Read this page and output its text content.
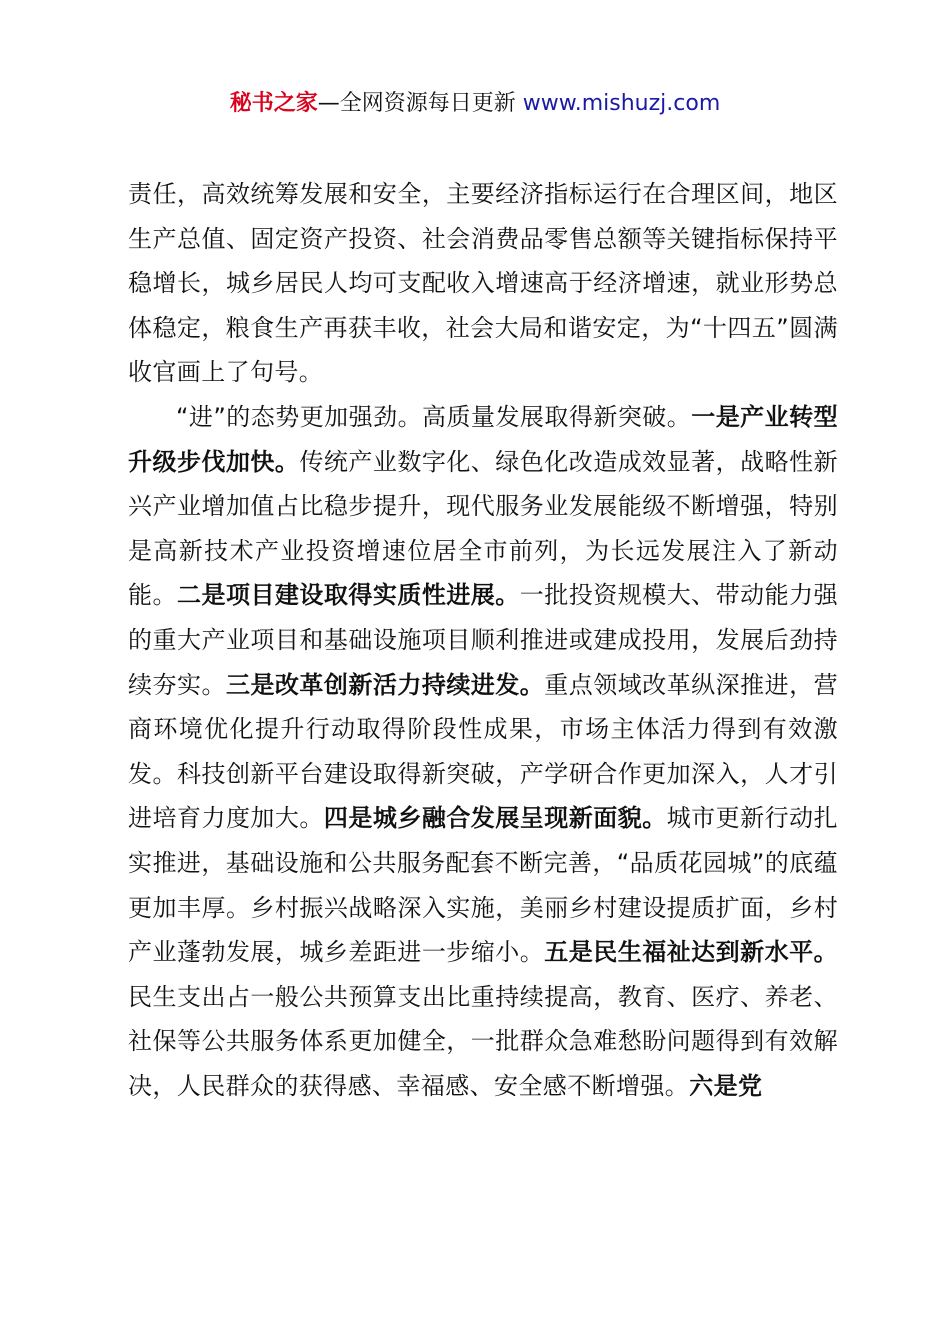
秘书之家—全网资源每日更新 www.mishuzj.com

责任，高效统筹发展和安全，主要经济指标运行在合理区间，地区生产总值、固定资产投资、社会消费品零售总额等关键指标保持平稳增长，城乡居民人均可支配收入增速高于经济增速，就业形势总体稳定，粮食生产再获丰收，社会大局和谐安定，为“十四五”圆满收官画上了句号。

“进”的态势更加强劲。高质量发展取得新突破。一是产业转型升级步伐加快。传统产业数字化、绿色化改造成效显著，战略性新兴产业增加值占比稳步提升，现代服务业发展能级不断增强，特别是高新技术产业投资增速位居全市前列，为长远发展注入了新动能。二是项目建设取得实质性进展。一批投资规模大、带动能力强的重大产业项目和基础设施项目顺利推进或建成投用，发展后劲持续夯实。三是改革创新活力持续进发。重点领域改革纵深推进，营商环境优化提升行动取得阶段性成果，市场主体活力得到有效激发。科技创新平台建设取得新突破，产学研合作更加深入，人才引进培育力度加大。四是城乡融合发展呈现新面貌。城市更新行动扎实推进，基础设施和公共服务配套不断完善，“品质花园城”的底蕴更加丰厚。乡村振兴战略深入实施，美丽乡村建设提质扩面，乡村产业蓬勃发展，城乡差距进一步缩小。五是民生福祉达到新水平。民生支出占一般公共预算支出比重持续提高，教育、医疗、养老、社保等公共服务体系更加健全，一批群众急难愁盼问题得到有效解决，人民群众的获得感、幸福感、安全感不断增强。六是党
